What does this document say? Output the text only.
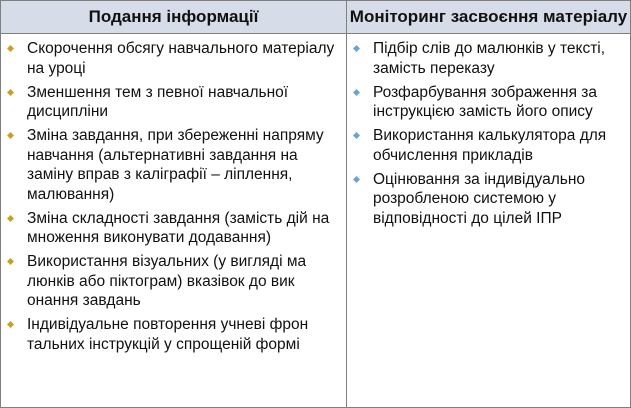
Подання інформації	Моніторинг засвоєння матеріалу
Скорочення обсягу навчального матеріалу на уроці
Зменшення тем з певної навчальної дисципліни
Зміна завдання, при збереженні напряму навчання (альтернативні завдання на заміну вправ з каліграфії – ліплення, малювання)
Зміна складності завдання (замість дій на множення виконувати додавання)
Використання візуальних (у вигляді ма люнків або піктограм) вказівок до вик онання завдань
Індивідуальне повторення учневі фрон тальних інструкцій у спрощеній формі
Підбір слів до малюнків у тексті, замість переказу
Розфарбування зображення за інструкцією замість його опису
Використання калькулятора для обчислення прикладів
Оцінювання за індивідуально розробленою системою у відповідності до цілей ІПР
